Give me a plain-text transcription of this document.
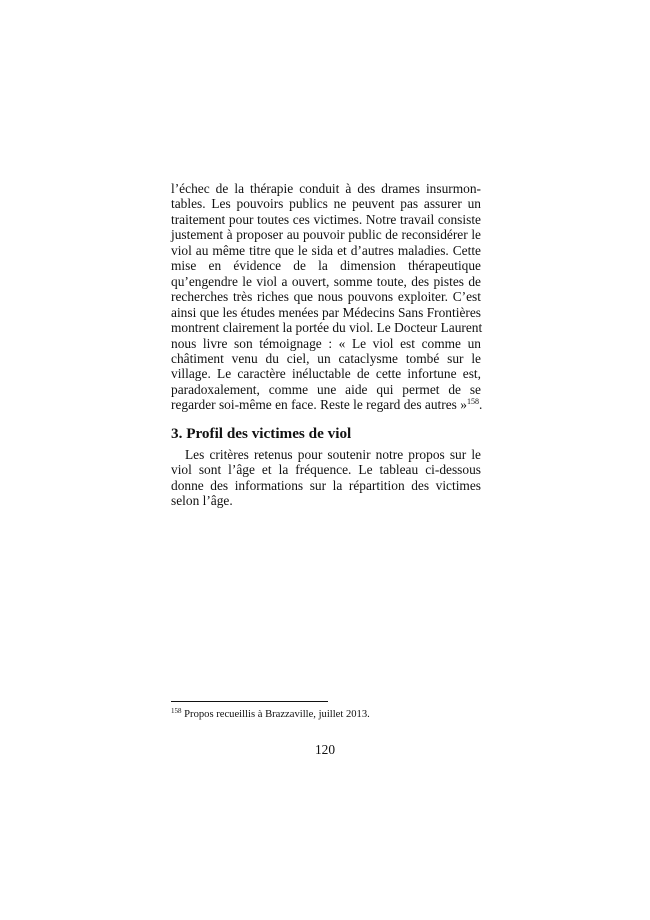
l’échec de la thérapie conduit à des drames insurmon-
tables. Les pouvoirs publics ne peuvent pas assurer un
traitement pour toutes ces victimes. Notre travail consiste
justement à proposer au pouvoir public de reconsidérer le
viol au même titre que le sida et d’autres maladies. Cette
mise en évidence de la dimension thérapeutique
qu’engendre le viol a ouvert, somme toute, des pistes de
recherches très riches que nous pouvons exploiter. C’est
ainsi que les études menées par Médecins Sans Frontières
montrent clairement la portée du viol. Le Docteur Laurent
nous livre son témoignage : « Le viol est comme un
châtiment venu du ciel, un cataclysme tombé sur le
village. Le caractère inéluctable de cette infortune est,
paradoxalement, comme une aide qui permet de se
regarder soi-même en face. Reste le regard des autres »$^{158}$.

3. Profil des victimes de viol

Les critères retenus pour soutenir notre propos sur le
viol sont l’âge et la fréquence. Le tableau ci-dessous
donne des informations sur la répartition des victimes
selon l’âge.

$^{158}$ Propos recueillis à Brazzaville, juillet 2013.
120
